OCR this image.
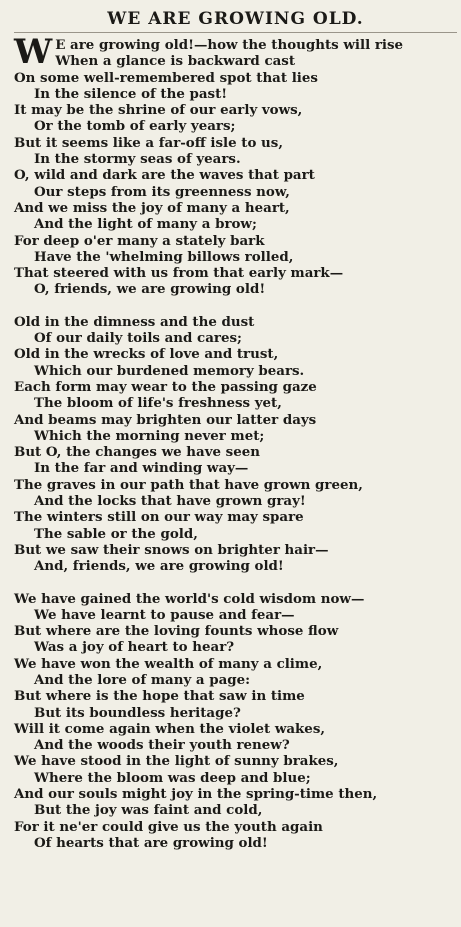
WE ARE GROWING OLD.
W E are growing old!—how the thoughts will rise
When a glance is backward cast
On some well-remembered spot that lies
In the silence of the past!
It may be the shrine of our early vows,
Or the tomb of early years;
But it seems like a far-off isle to us,
In the stormy seas of years.
O, wild and dark are the waves that part
Our steps from its greenness now,
And we miss the joy of many a heart,
And the light of many a brow;
For deep o'er many a stately bark
Have the 'whelming billows rolled,
That steered with us from that early mark—
O, friends, we are growing old!
Old in the dimness and the dust
Of our daily toils and cares;
Old in the wrecks of love and trust,
Which our burdened memory bears.
Each form may wear to the passing gaze
The bloom of life's freshness yet,
And beams may brighten our latter days
Which the morning never met;
But O, the changes we have seen
In the far and winding way—
The graves in our path that have grown green,
And the locks that have grown gray!
The winters still on our way may spare
The sable or the gold,
But we saw their snows on brighter hair—
And, friends, we are growing old!
We have gained the world's cold wisdom now—
We have learnt to pause and fear—
But where are the loving founts whose flow
Was a joy of heart to hear?
We have won the wealth of many a clime,
And the lore of many a page:
But where is the hope that saw in time
But its boundless heritage?
Will it come again when the violet wakes,
And the woods their youth renew?
We have stood in the light of sunny brakes,
Where the bloom was deep and blue;
And our souls might joy in the spring-time then,
But the joy was faint and cold,
For it ne'er could give us the youth again
Of hearts that are growing old!
